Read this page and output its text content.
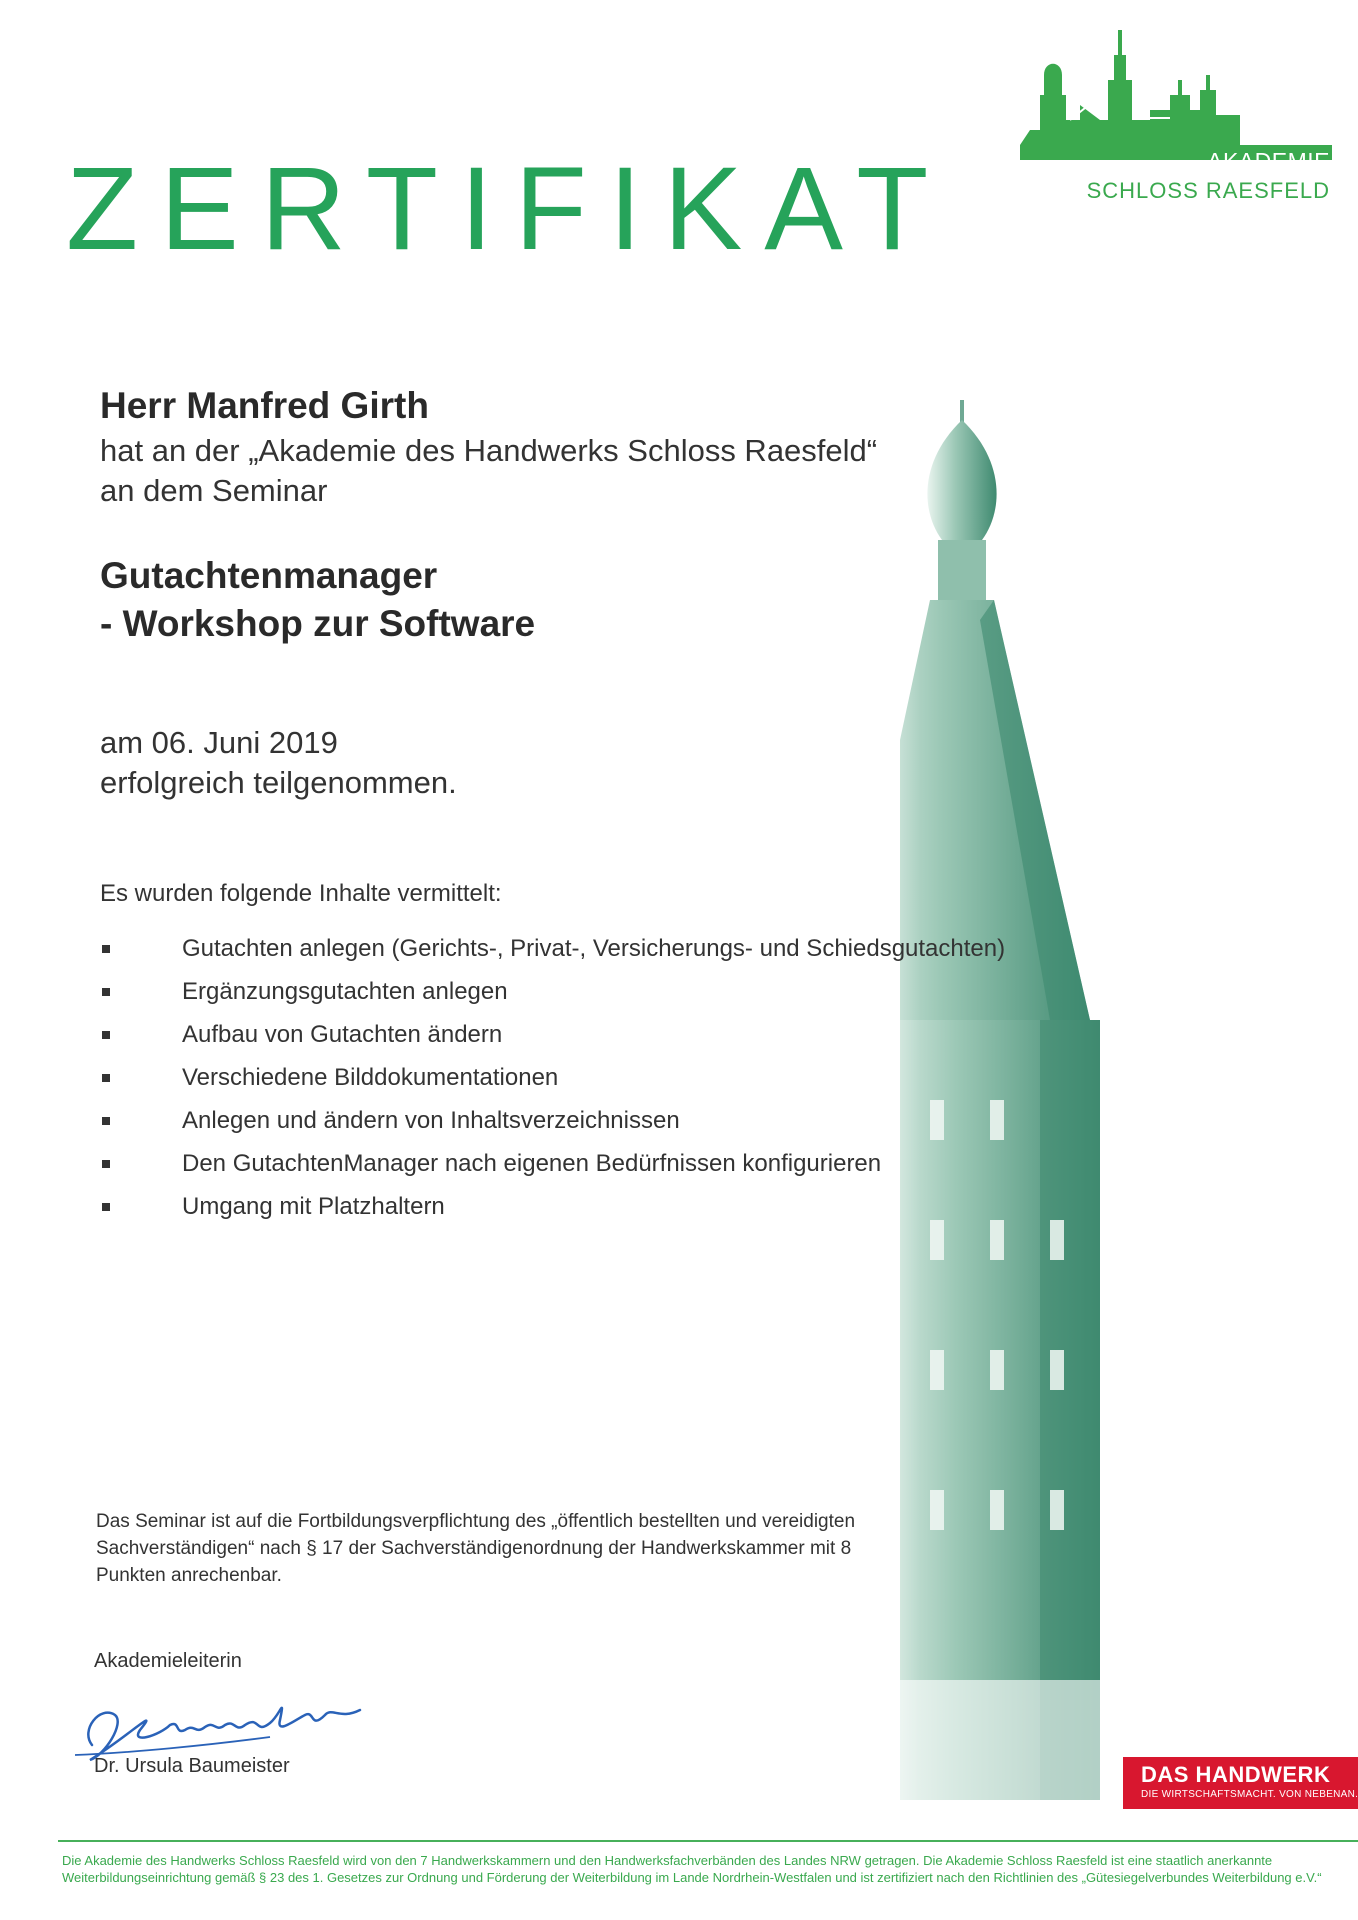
AKADEMIE
SCHLOSS RAESFELD
ZERTIFIKAT
Herr Manfred Girth
hat an der „Akademie des Handwerks Schloss Raesfeld“
an dem Seminar
Gutachtenmanager
- Workshop zur Software
am 06. Juni 2019
erfolgreich teilgenommen.
Es wurden folgende Inhalte vermittelt:
Gutachten anlegen (Gerichts-, Privat-, Versicherungs- und Schiedsgutachten)
Ergänzungsgutachten anlegen
Aufbau von Gutachten ändern
Verschiedene Bilddokumentationen
Anlegen und ändern von Inhaltsverzeichnissen
Den GutachtenManager nach eigenen Bedürfnissen konfigurieren
Umgang mit Platzhaltern
Das Seminar ist auf die Fortbildungsverpflichtung des „öffentlich bestellten und vereidigten Sachverständigen“ nach § 17 der Sachverständigenordnung der Handwerkskammer mit 8 Punkten anrechenbar.
Akademieleiterin
Dr. Ursula Baumeister	DAS HANDWERK
DIE WIRTSCHAFTSMACHT. VON NEBENAN.
Die Akademie des Handwerks Schloss Raesfeld wird von den 7 Handwerkskammern und den Handwerksfachverbänden des Landes NRW getragen. Die Akademie Schloss Raesfeld ist eine staatlich anerkannte Weiterbildungseinrichtung gemäß § 23 des 1. Gesetzes zur Ordnung und Förderung der Weiterbildung im Lande Nordrhein-Westfalen und ist zertifiziert nach den Richtlinien des „Gütesiegelverbundes Weiterbildung e.V.“
